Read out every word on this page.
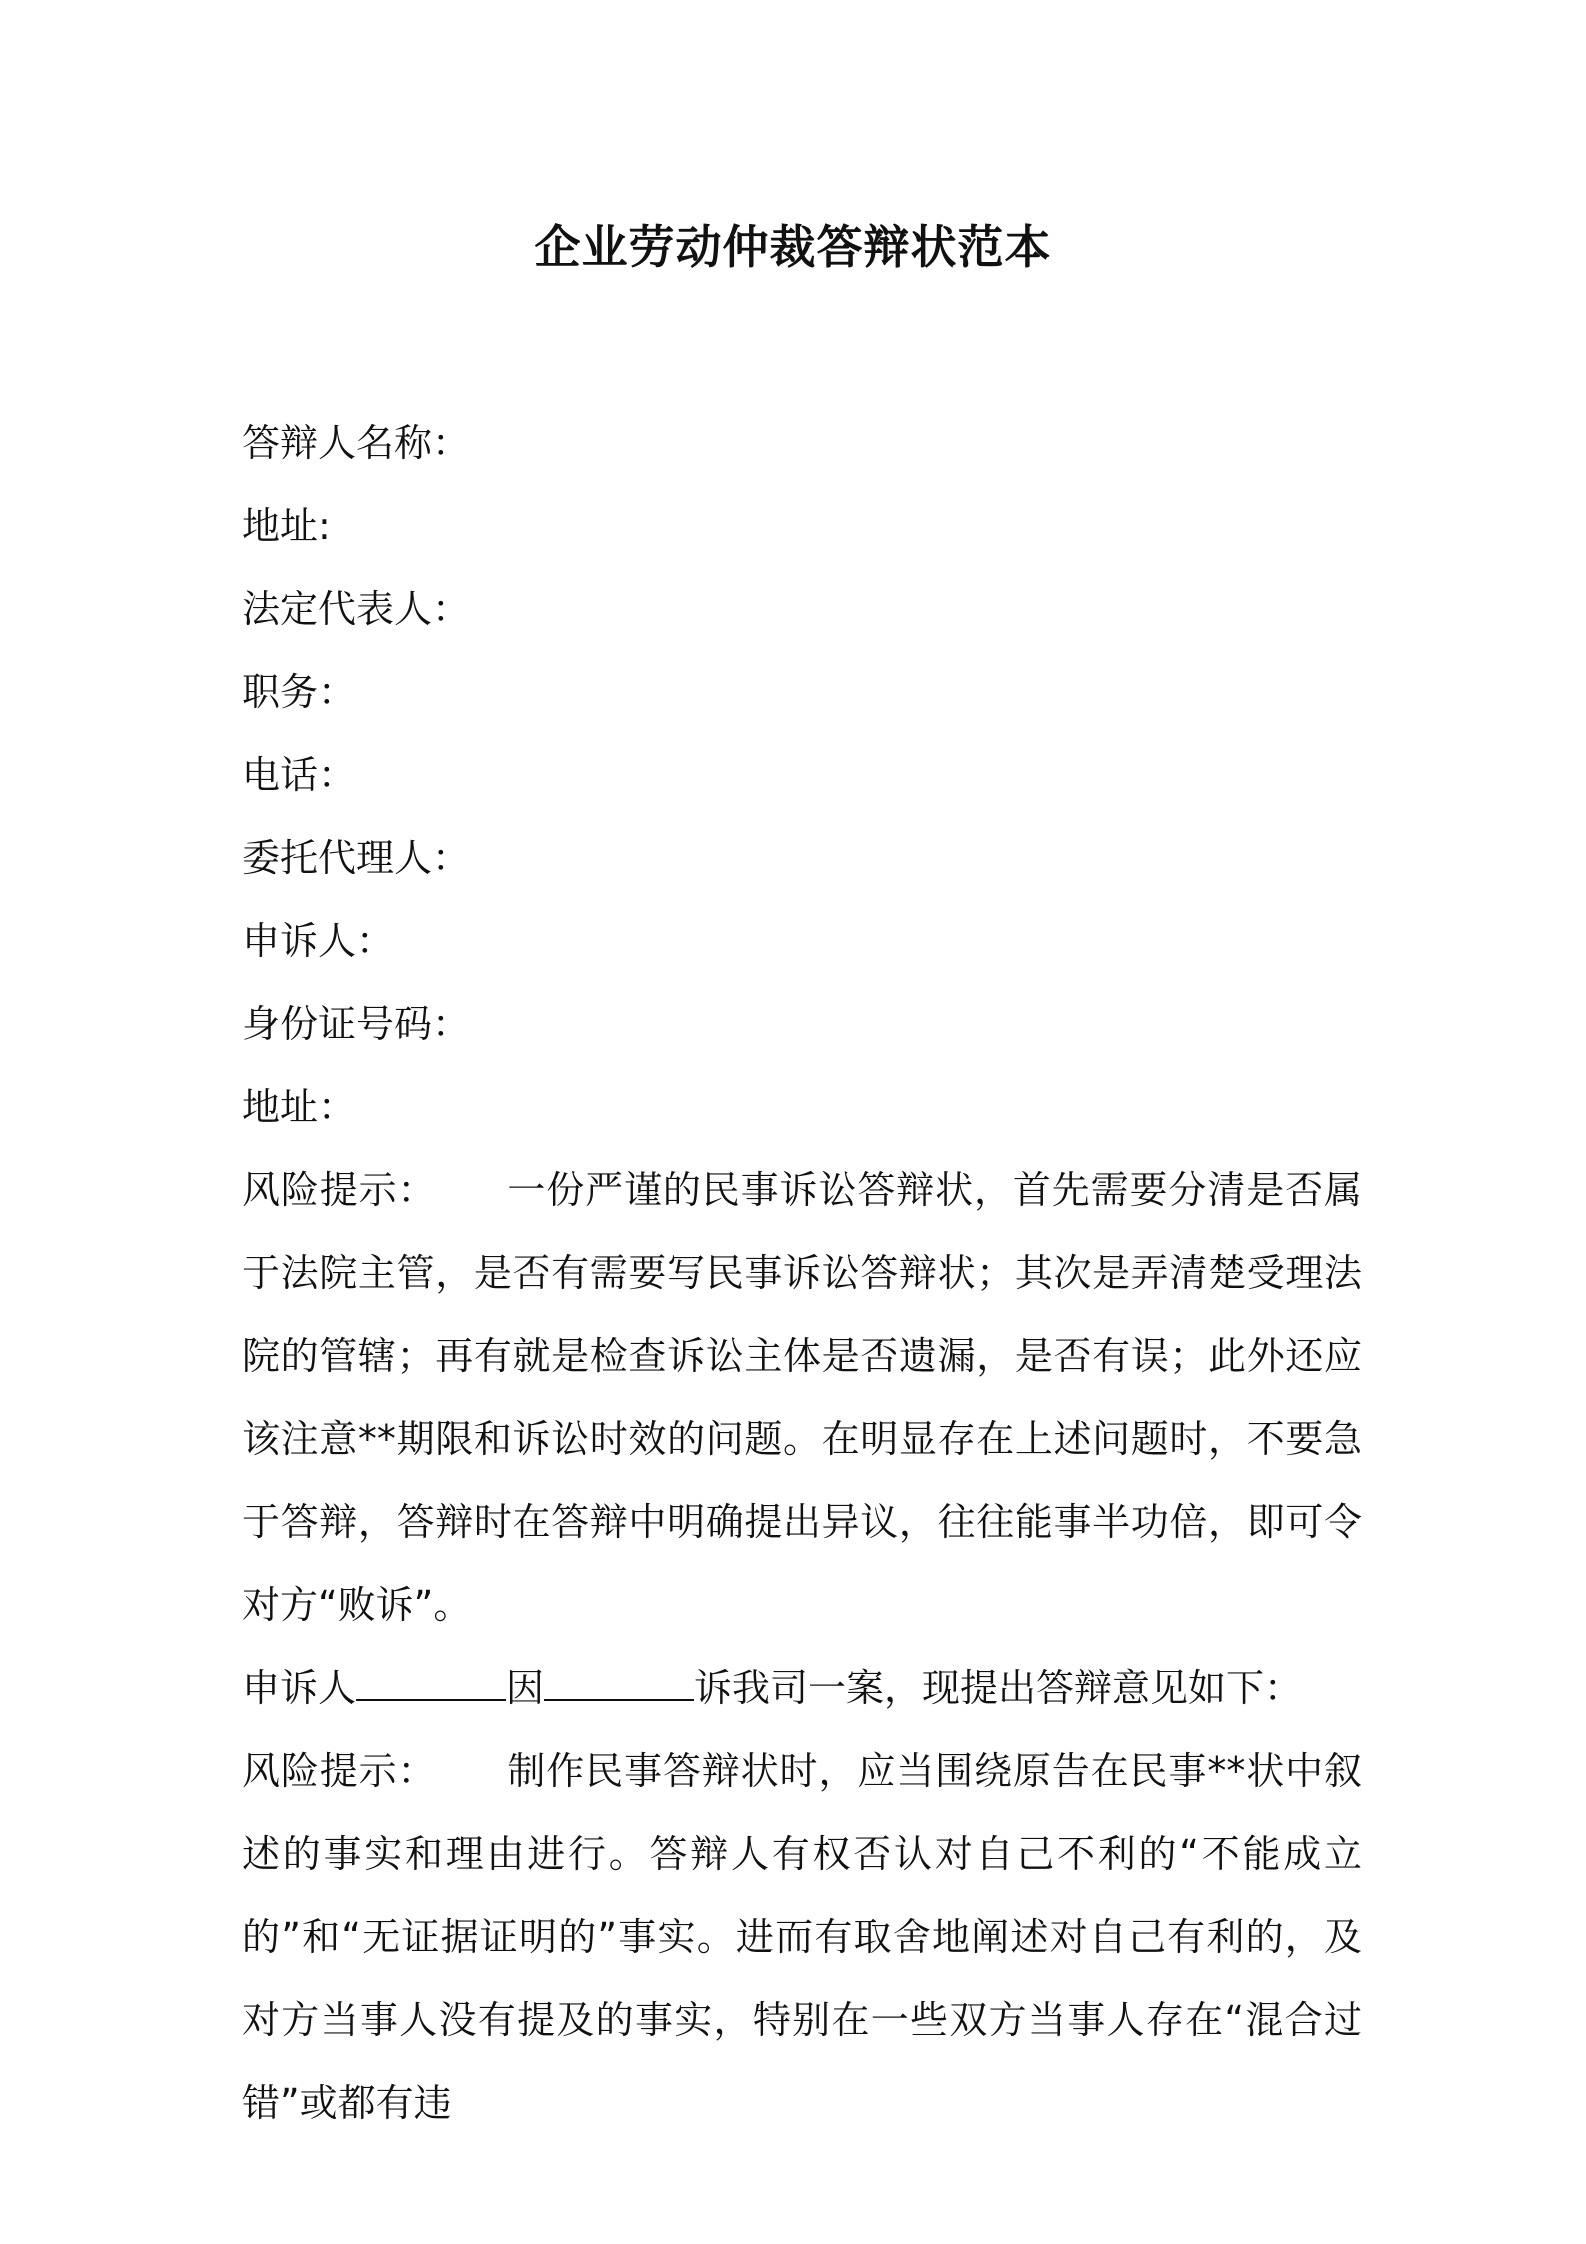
企业劳动仲裁答辩状范本
答辩人名称：
地址:
法定代表人：
职务：
电话：
委托代理人：
申诉人：
身份证号码：
地址：
风险提示： 一份严谨的民事诉讼答辩状，首先需要分清是否属于法院主管，是否有需要写民事诉讼答辩状；其次是弄清楚受理法院的管辖；再有就是检查诉讼主体是否遗漏，是否有误；此外还应该注意**期限和诉讼时效的问题。在明显存在上述问题时，不要急于答辩，答辩时在答辩中明确提出异议，往往能事半功倍，即可令对方“败诉”。
申诉人	因	诉我司一案，现提出答辩意见如下：
风险提示： 制作民事答辩状时，应当围绕原告在民事**状中叙述的事实和理由进行。答辩人有权否认对自己不利的“不能成立的”和“无证据证明的”事实。进而有取舍地阐述对自己有利的，及对方当事人没有提及的事实，特别在一些双方当事人存在“混合过错”或都有违
